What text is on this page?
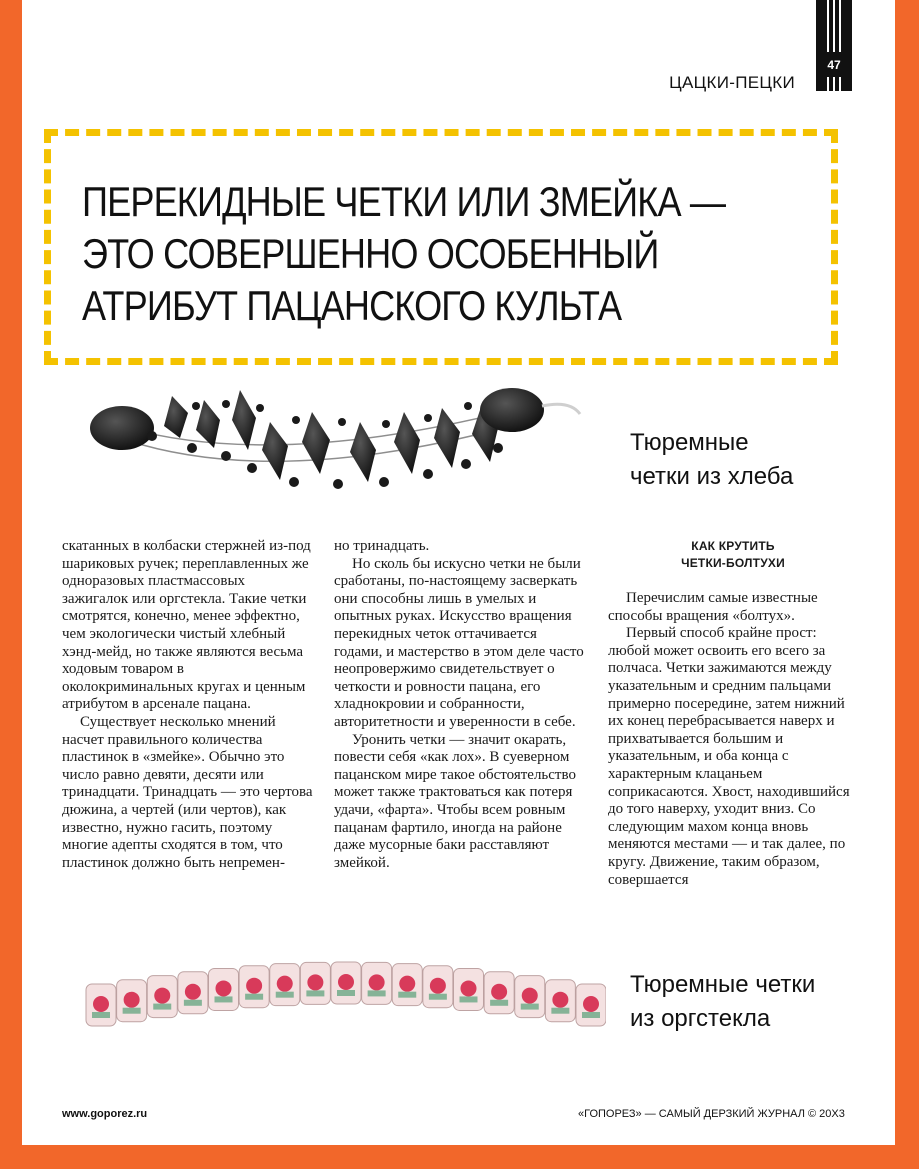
47
ЦАЦКИ-ПЕЦКИ
ПЕРЕКИДНЫЕ ЧЕТКИ ИЛИ ЗМЕЙКА —
ЭТО СОВЕРШЕННО ОСОБЕННЫЙ
АТРИБУТ ПАЦАНСКОГО КУЛЬТА
Тюремные
четки из хлеба

скатанных в колбаски стержней из-под шариковых ручек; переплавленных же одноразовых пластмассовых зажигалок или оргстекла. Такие четки смотрятся, конечно, менее эффектно, чем экологически чистый хлебный хэнд-мейд, но также являются весьма ходовым товаром в околокриминальных кругах и ценным атрибутом в арсенале пацана.

Существует несколько мнений насчет правильного количества пластинок в «змейке». Обычно это число равно девяти, десяти или тринадцати. Тринадцать — это чертова дюжина, а чертей (или чертов), как известно, нужно гасить, поэтому многие адепты сходятся в том, что пластинок должно быть непремен-

но тринадцать.

Но сколь бы искусно четки не были сработаны, по-настоящему засверкать они способны лишь в умелых и опытных руках. Искусство вращения перекидных четок оттачивается годами, и мастерство в этом деле часто неопровержимо свидетельствует о четкости и ровности пацана, его хладнокровии и собранности, авторитетности и уверенности в себе.

Уронить четки — значит окарать, повести себя «как лох». В суеверном пацанском мире такое обстоятельство может также трактоваться как потеря удачи, «фарта». Чтобы всем ровным пацанам фартило, иногда на районе даже мусорные баки расставляют змейкой.

КАК КРУТИТЬ
ЧЕТКИ-БОЛТУХИ

Перечислим самые известные способы вращения «болтух».

Первый способ крайне прост: любой может освоить его всего за полчаса. Четки зажимаются между указательным и средним пальцами примерно посередине, затем нижний их конец перебрасывается наверх и прихватывается большим и указательным, и оба конца с характерным клацаньем соприкасаются. Хвост, находившийся до того наверху, уходит вниз. Со следующим махом конца вновь меняются местами — и так далее, по кругу. Движение, таким образом, совершается

Тюремные четки
из оргстекла
www.goporez.ru	«ГОПОРЕЗ» — САМЫЙ ДЕРЗКИЙ ЖУРНАЛ © 20Х3
